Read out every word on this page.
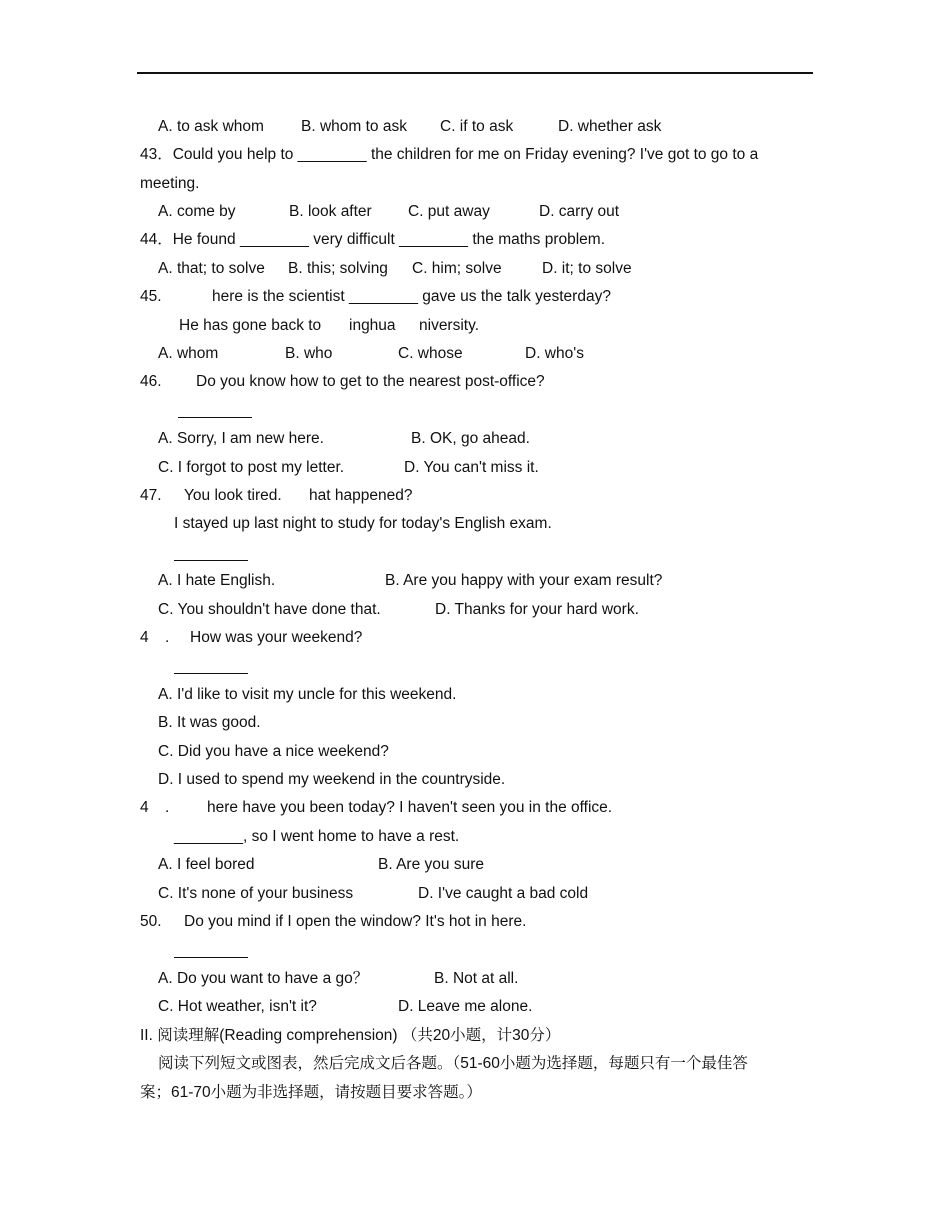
A. to ask whom B. whom to ask C. if to ask	D. whether ask
43．Could you help to ________ the children for me on Friday evening? I've got to go to a
meeting.
A. come by	B. look after C. put away	D. carry out
44．He found ________ very difficult ________ the maths problem.
A. that; to solve B. this; solving C. him; solve	D. it; to solve
45.	here is the scientist ________ gave us the talk yesterday?
He has gone back to inghua niversity.
A. whom	B. who	C. whose	D. who's
46. Do you know how to get to the nearest post-office?
A. Sorry, I am new here.	B. OK, go ahead.
C. I forgot to post my letter.	D. You can't miss it.
47. You look tired. hat happened?
I stayed up last night to study for today's English exam.
A. I hate English.	B. Are you happy with your exam result?
C. You shouldn't have done that.	D. Thanks for your hard work.
4 . How was your weekend?
A. I'd like to visit my uncle for this weekend.
B. It was good.
C. Did you have a nice weekend?
D. I used to spend my weekend in the countryside.
4 . here have you been today? I haven't seen you in the office.
________, so I went home to have a rest.
A. I feel bored	B. Are you sure
C. It's none of your business	D. I've caught a bad cold
50. Do you mind if I open the window? It's hot in here.
A. Do you want to have a go？	B. Not at all.
C. Hot weather, isn't it?	D. Leave me alone.
II. 阅读理解(Reading comprehension) （共20小题，计30分）
阅读下列短文或图表，然后完成文后各题。（51-60小题为选择题，每题只有一个最佳答
案；61-70小题为非选择题，请按题目要求答题。）
